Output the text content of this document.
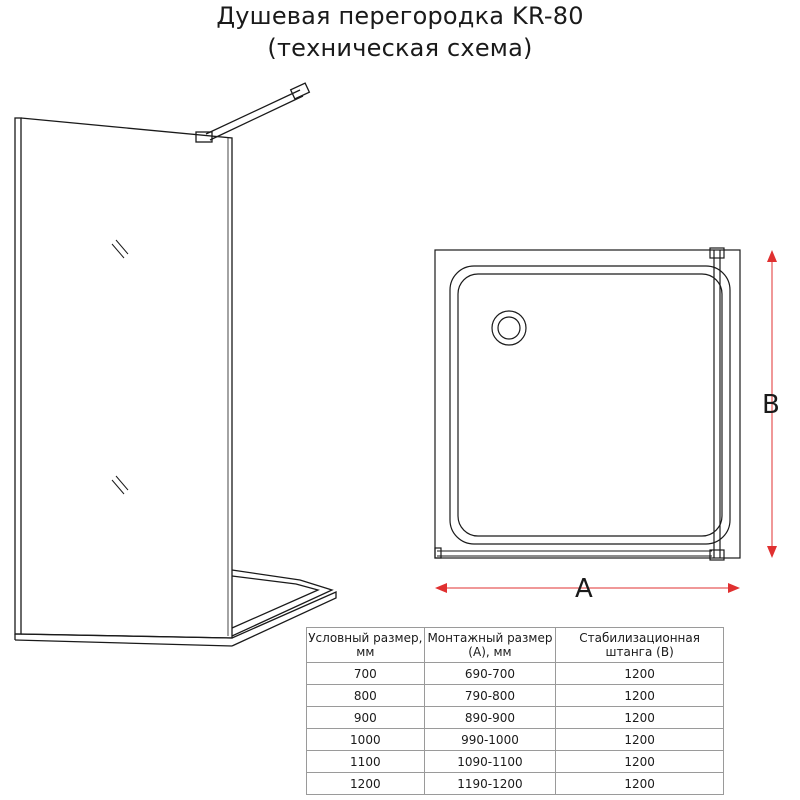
Душевая перегородка KR-80
(техническая схема)
A
B
Условный размер, мм	Монтажный размер (A), мм	Стабилизационная штанга (B)
700	690-700	1200
800	790-800	1200
900	890-900	1200
1000	990-1000	1200
1100	1090-1100	1200
1200	1190-1200	1200
